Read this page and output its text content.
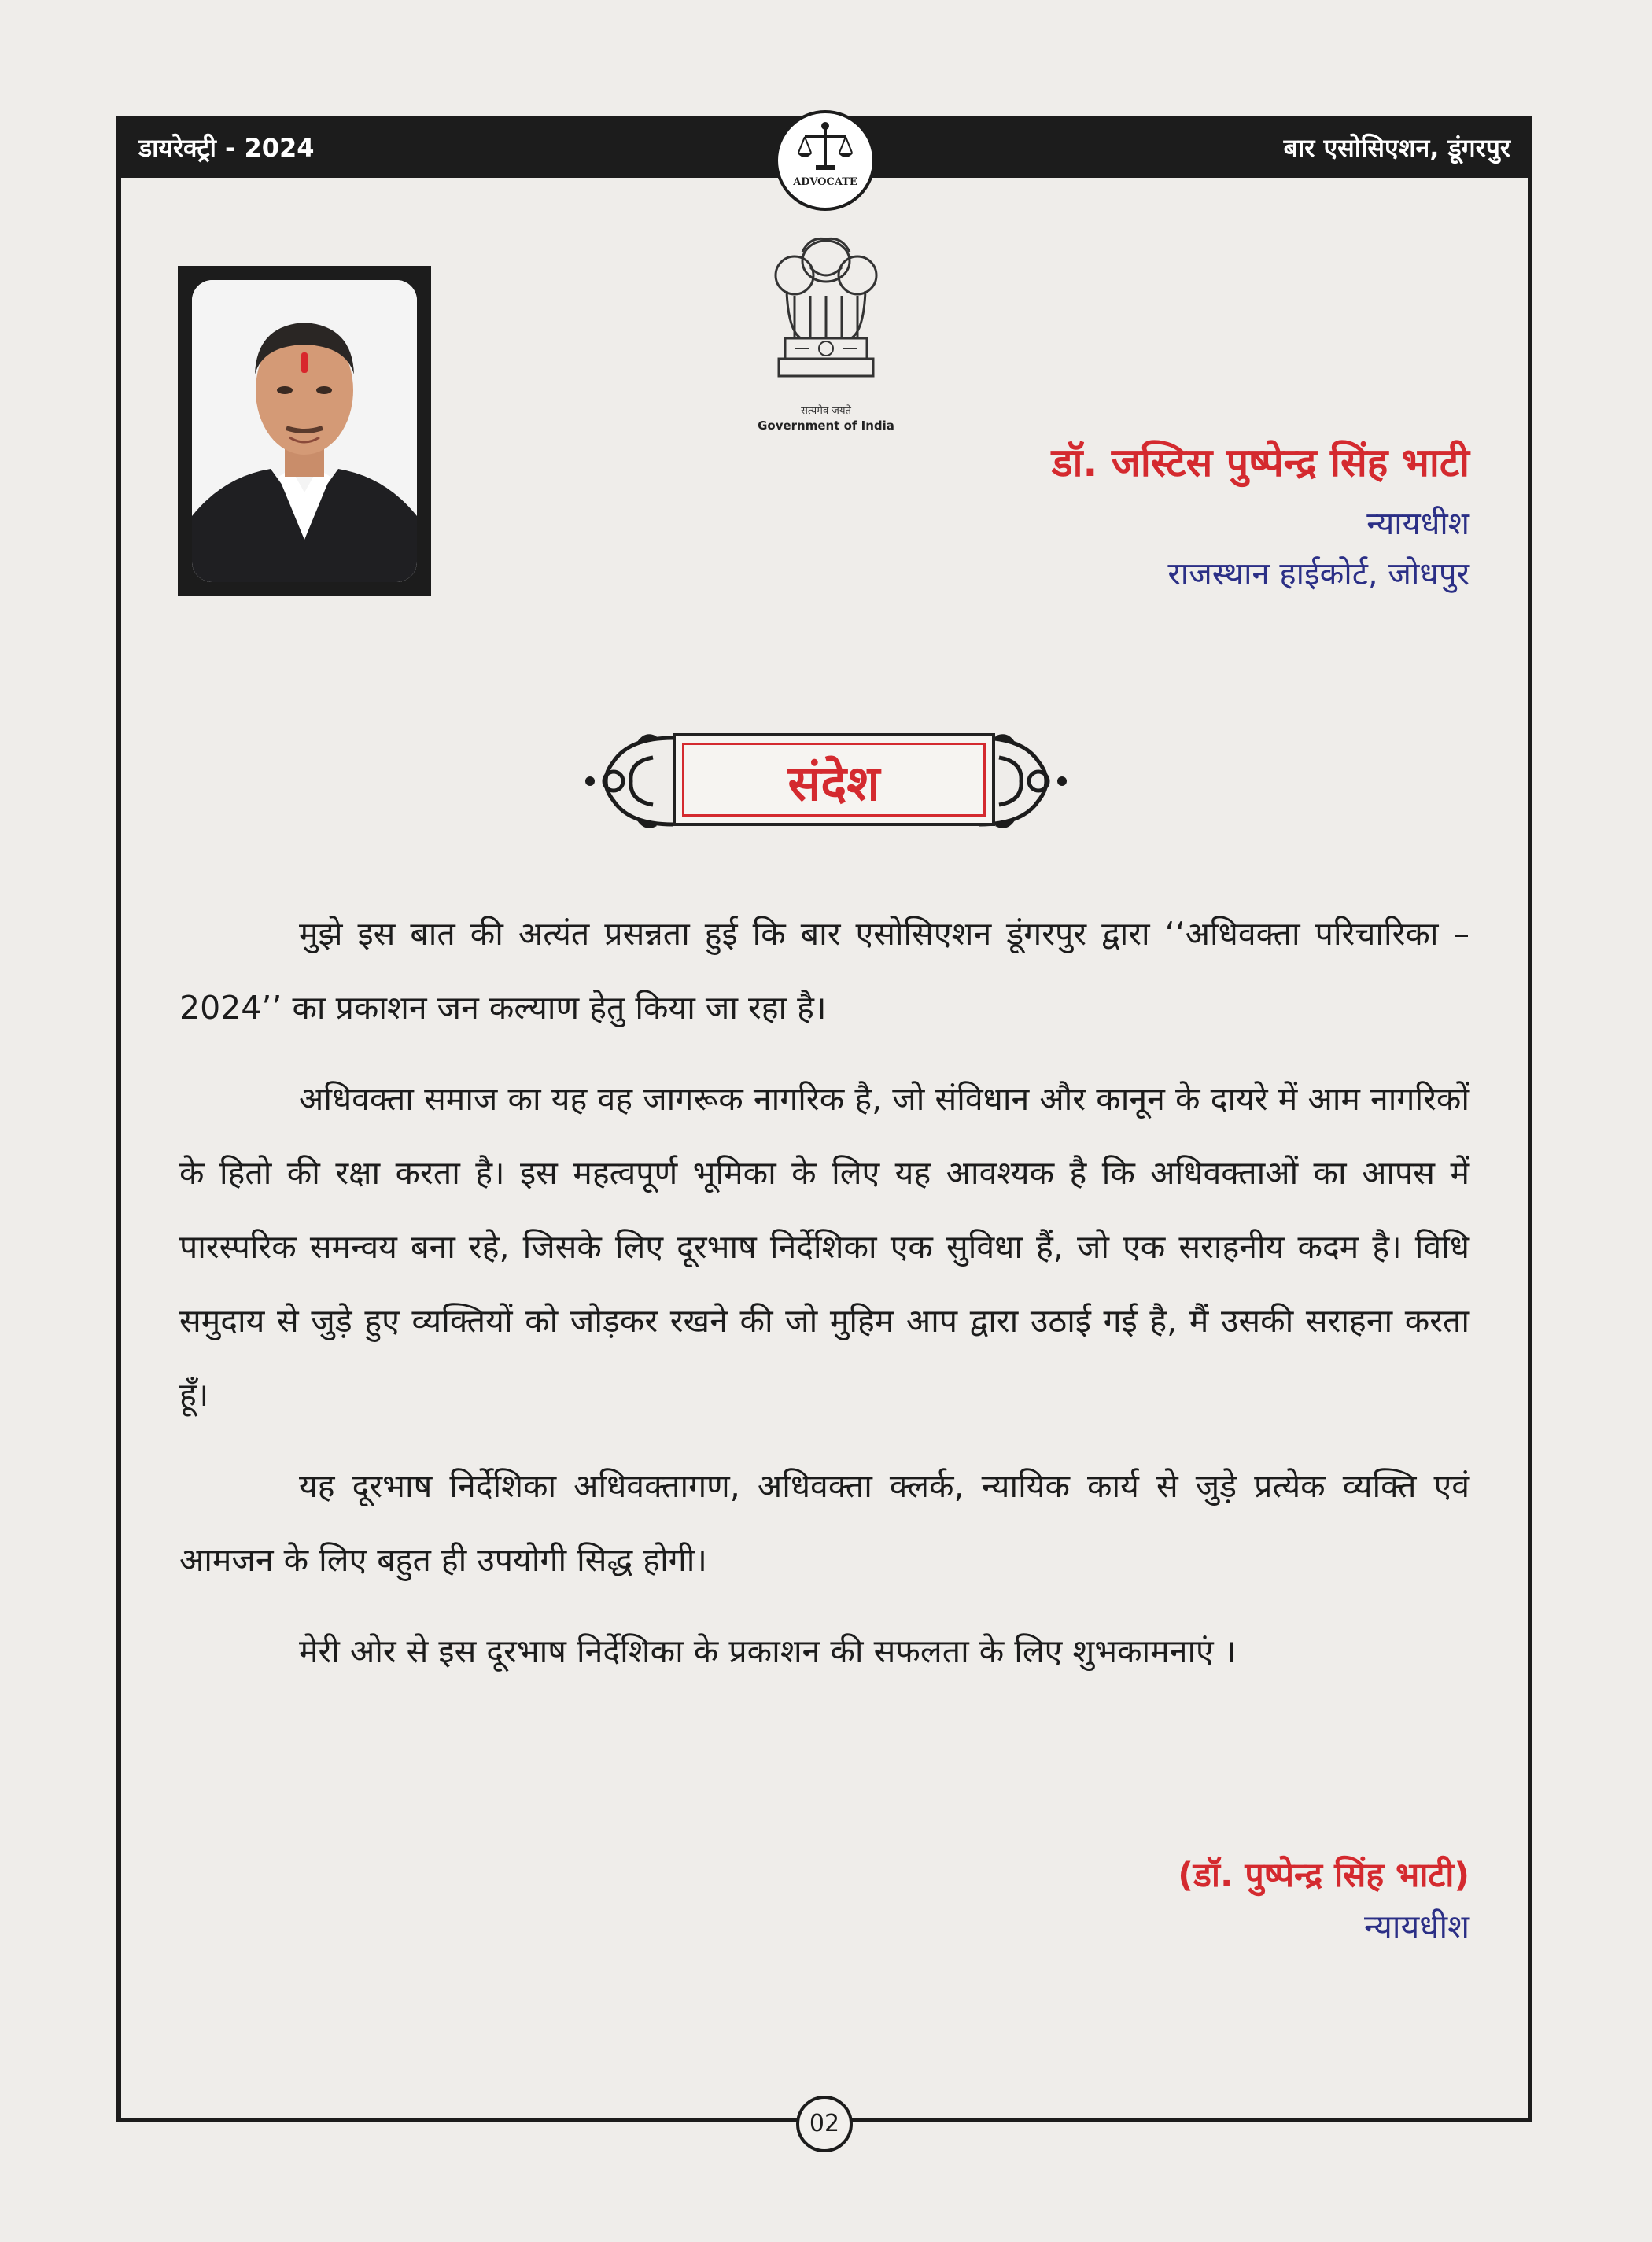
डायरेक्ट्री - 2024	बार एसोसिएशन, डूंगरपुर
ADVOCATE
सत्यमेव जयते
Government of India
डॉ. जस्टिस पुष्पेन्द्र सिंह भाटी
न्यायधीश
राजस्थान हाईकोर्ट, जोधपुर
संदेश

मुझे इस बात की अत्यंत प्रसन्नता हुई कि बार एसोसिएशन डूंगरपुर द्वारा ‘‘अधिवक्ता परिचारिका – 2024’’ का प्रकाशन जन कल्याण हेतु किया जा रहा है।

अधिवक्ता समाज का यह वह जागरूक नागरिक है, जो संविधान और कानून के दायरे में आम नागरिकों के हितो की रक्षा करता है। इस महत्वपूर्ण भूमिका के लिए यह आवश्यक है कि अधिवक्ताओं का आपस में पारस्परिक समन्वय बना रहे, जिसके लिए दूरभाष निर्देशिका एक सुविधा हैं, जो एक सराहनीय कदम है। विधि समुदाय से जुड़े हुए व्यक्तियों को जोड़कर रखने की जो मुहिम आप द्वारा उठाई गई है, मैं उसकी सराहना करता हूँ।

यह दूरभाष निर्देशिका अधिवक्तागण, अधिवक्ता क्लर्क, न्यायिक कार्य से जुड़े प्रत्येक व्यक्ति एवं आमजन के लिए बहुत ही उपयोगी सिद्ध होगी।

मेरी ओर से इस दूरभाष निर्देशिका के प्रकाशन की सफलता के लिए शुभकामनाएं ।

(डॉ. पुष्पेन्द्र सिंह भाटी)
न्यायधीश
02
